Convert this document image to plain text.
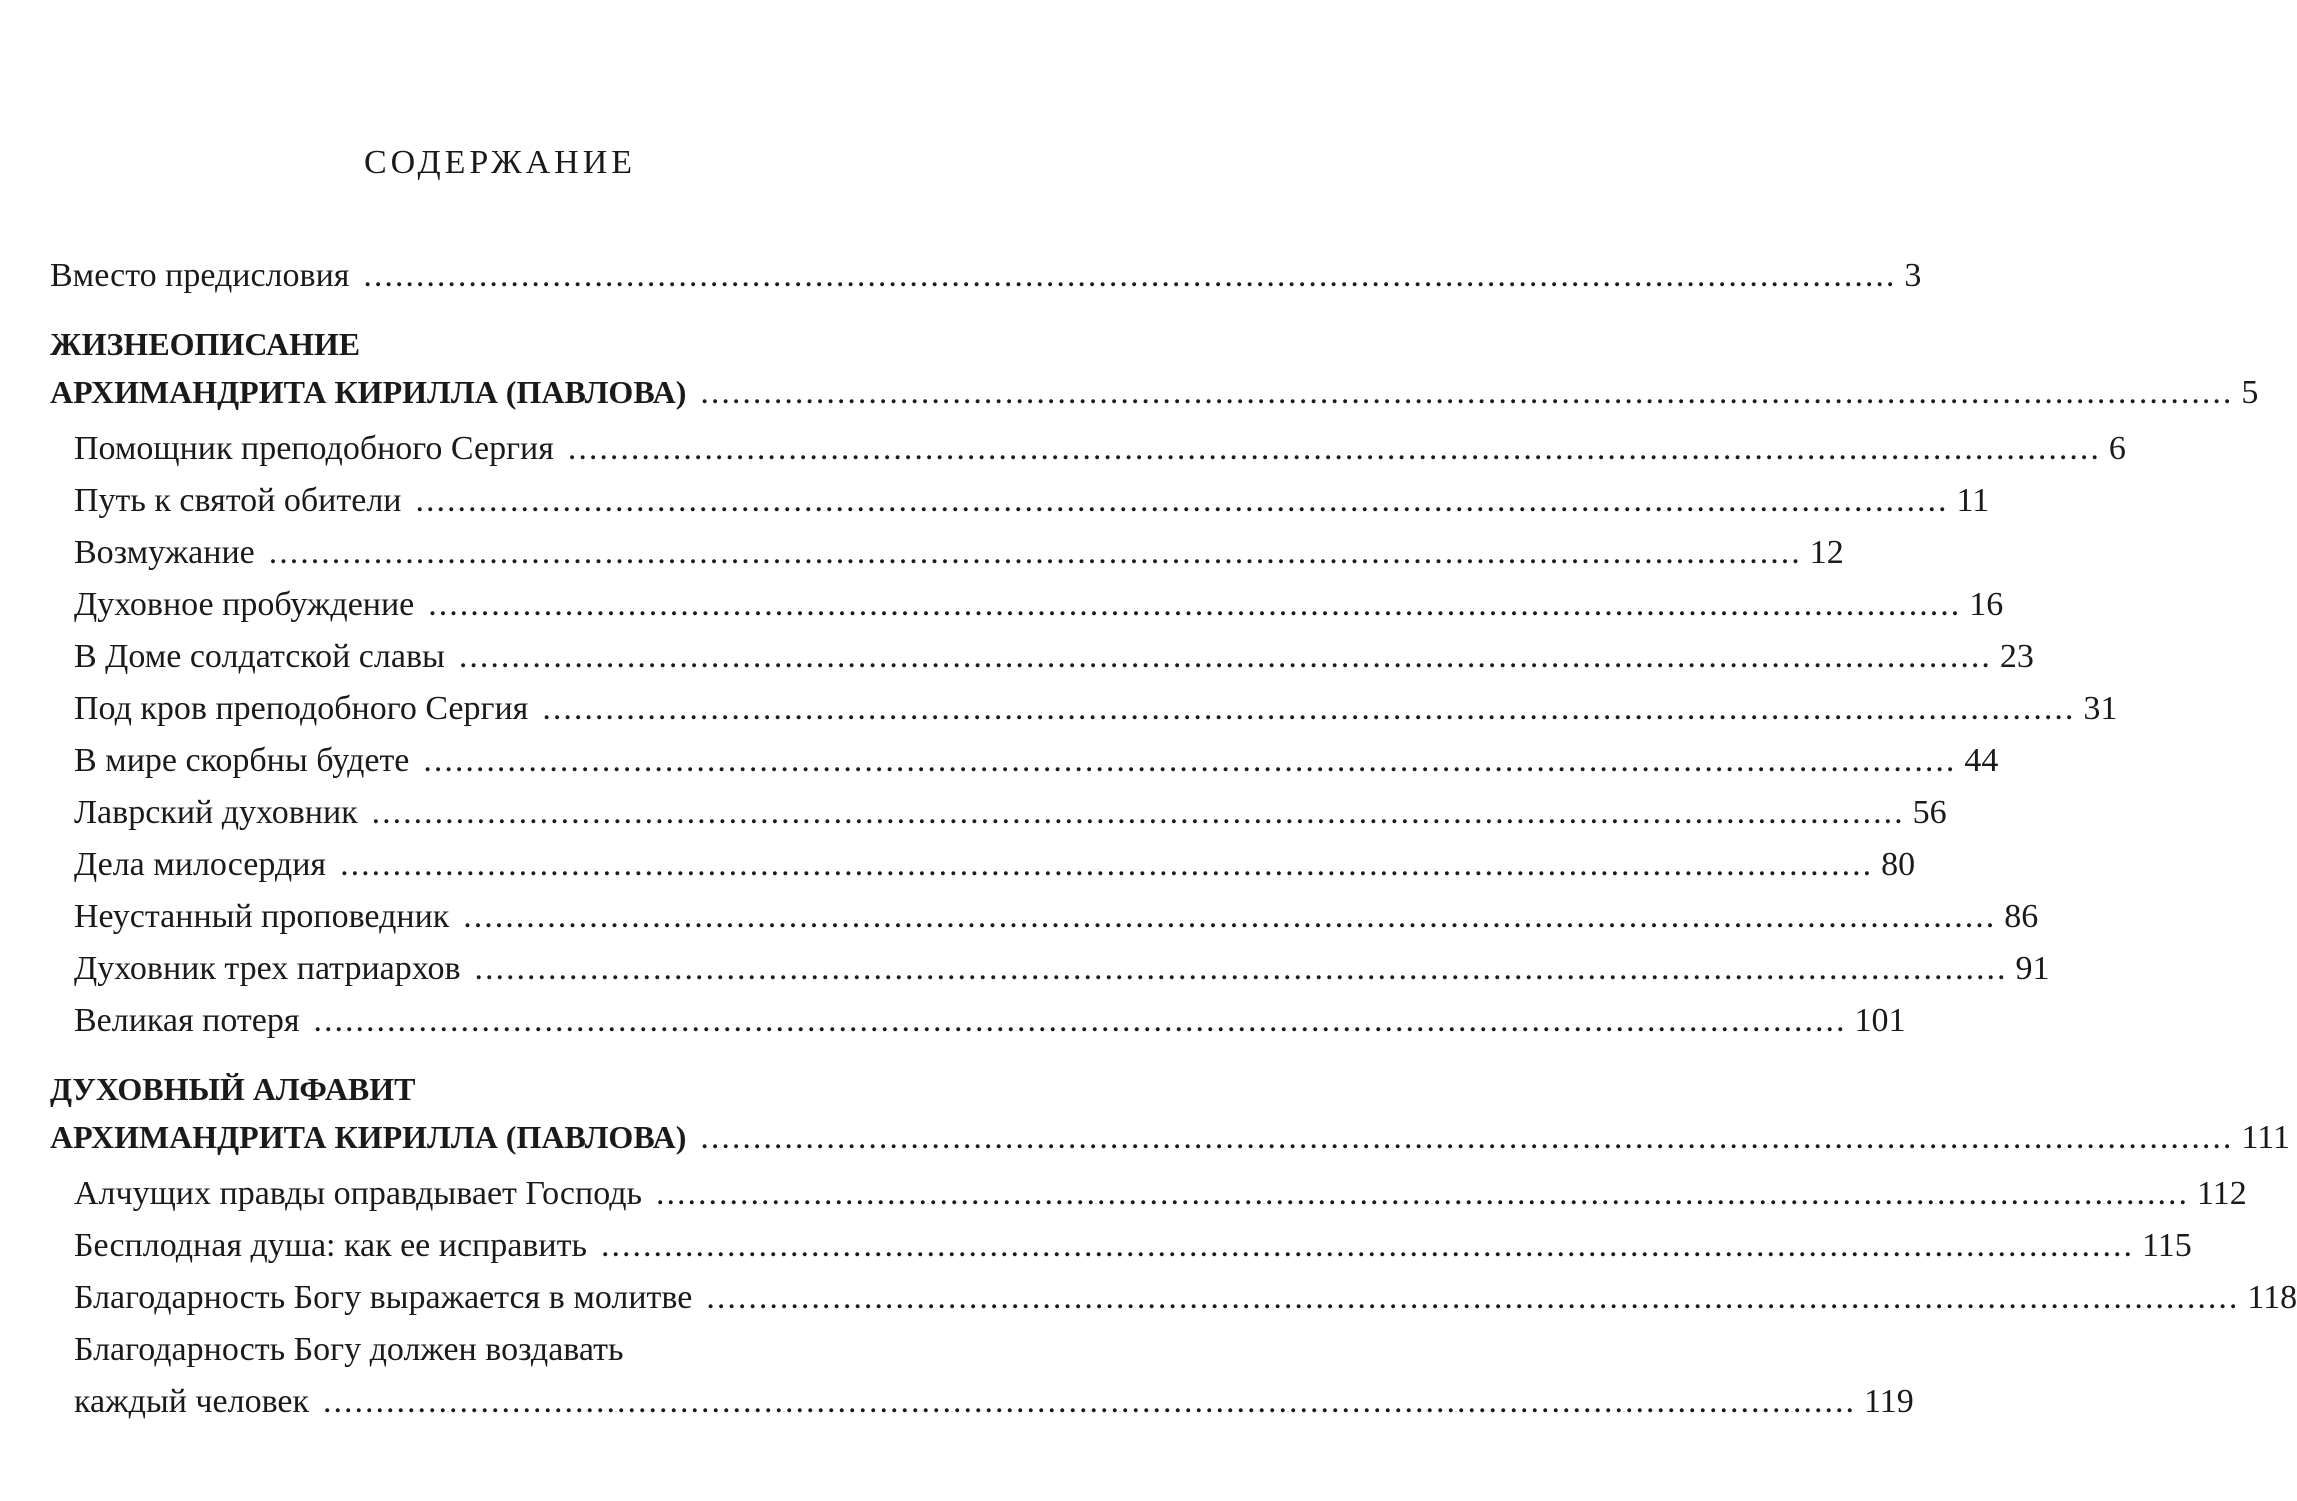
СОДЕРЖАНИЕ
Вместо предисловия .................................................................................................................................................. 3
ЖИЗНЕОПИСАНИЕ
АРХИМАНДРИТА КИРИЛЛА (ПАВЛОВА) .................................................................................................................................................. 5
Помощник преподобного Сергия .................................................................................................................................................. 6
Путь к святой обители .................................................................................................................................................. 11
Возмужание .................................................................................................................................................. 12
Духовное пробуждение .................................................................................................................................................. 16
В Доме солдатской славы .................................................................................................................................................. 23
Под кров преподобного Сергия .................................................................................................................................................. 31
В мире скорбны будете .................................................................................................................................................. 44
Лаврский духовник .................................................................................................................................................. 56
Дела милосердия .................................................................................................................................................. 80
Неустанный проповедник .................................................................................................................................................. 86
Духовник трех патриархов .................................................................................................................................................. 91
Великая потеря .................................................................................................................................................. 101
ДУХОВНЫЙ АЛФАВИТ
АРХИМАНДРИТА КИРИЛЛА (ПАВЛОВА) .................................................................................................................................................. 111
Алчущих правды оправдывает Господь .................................................................................................................................................. 112
Бесплодная душа: как ее исправить .................................................................................................................................................. 115
Благодарность Богу выражается в молитве .................................................................................................................................................. 118
Благодарность Богу должен воздавать
каждый человек .................................................................................................................................................. 119
